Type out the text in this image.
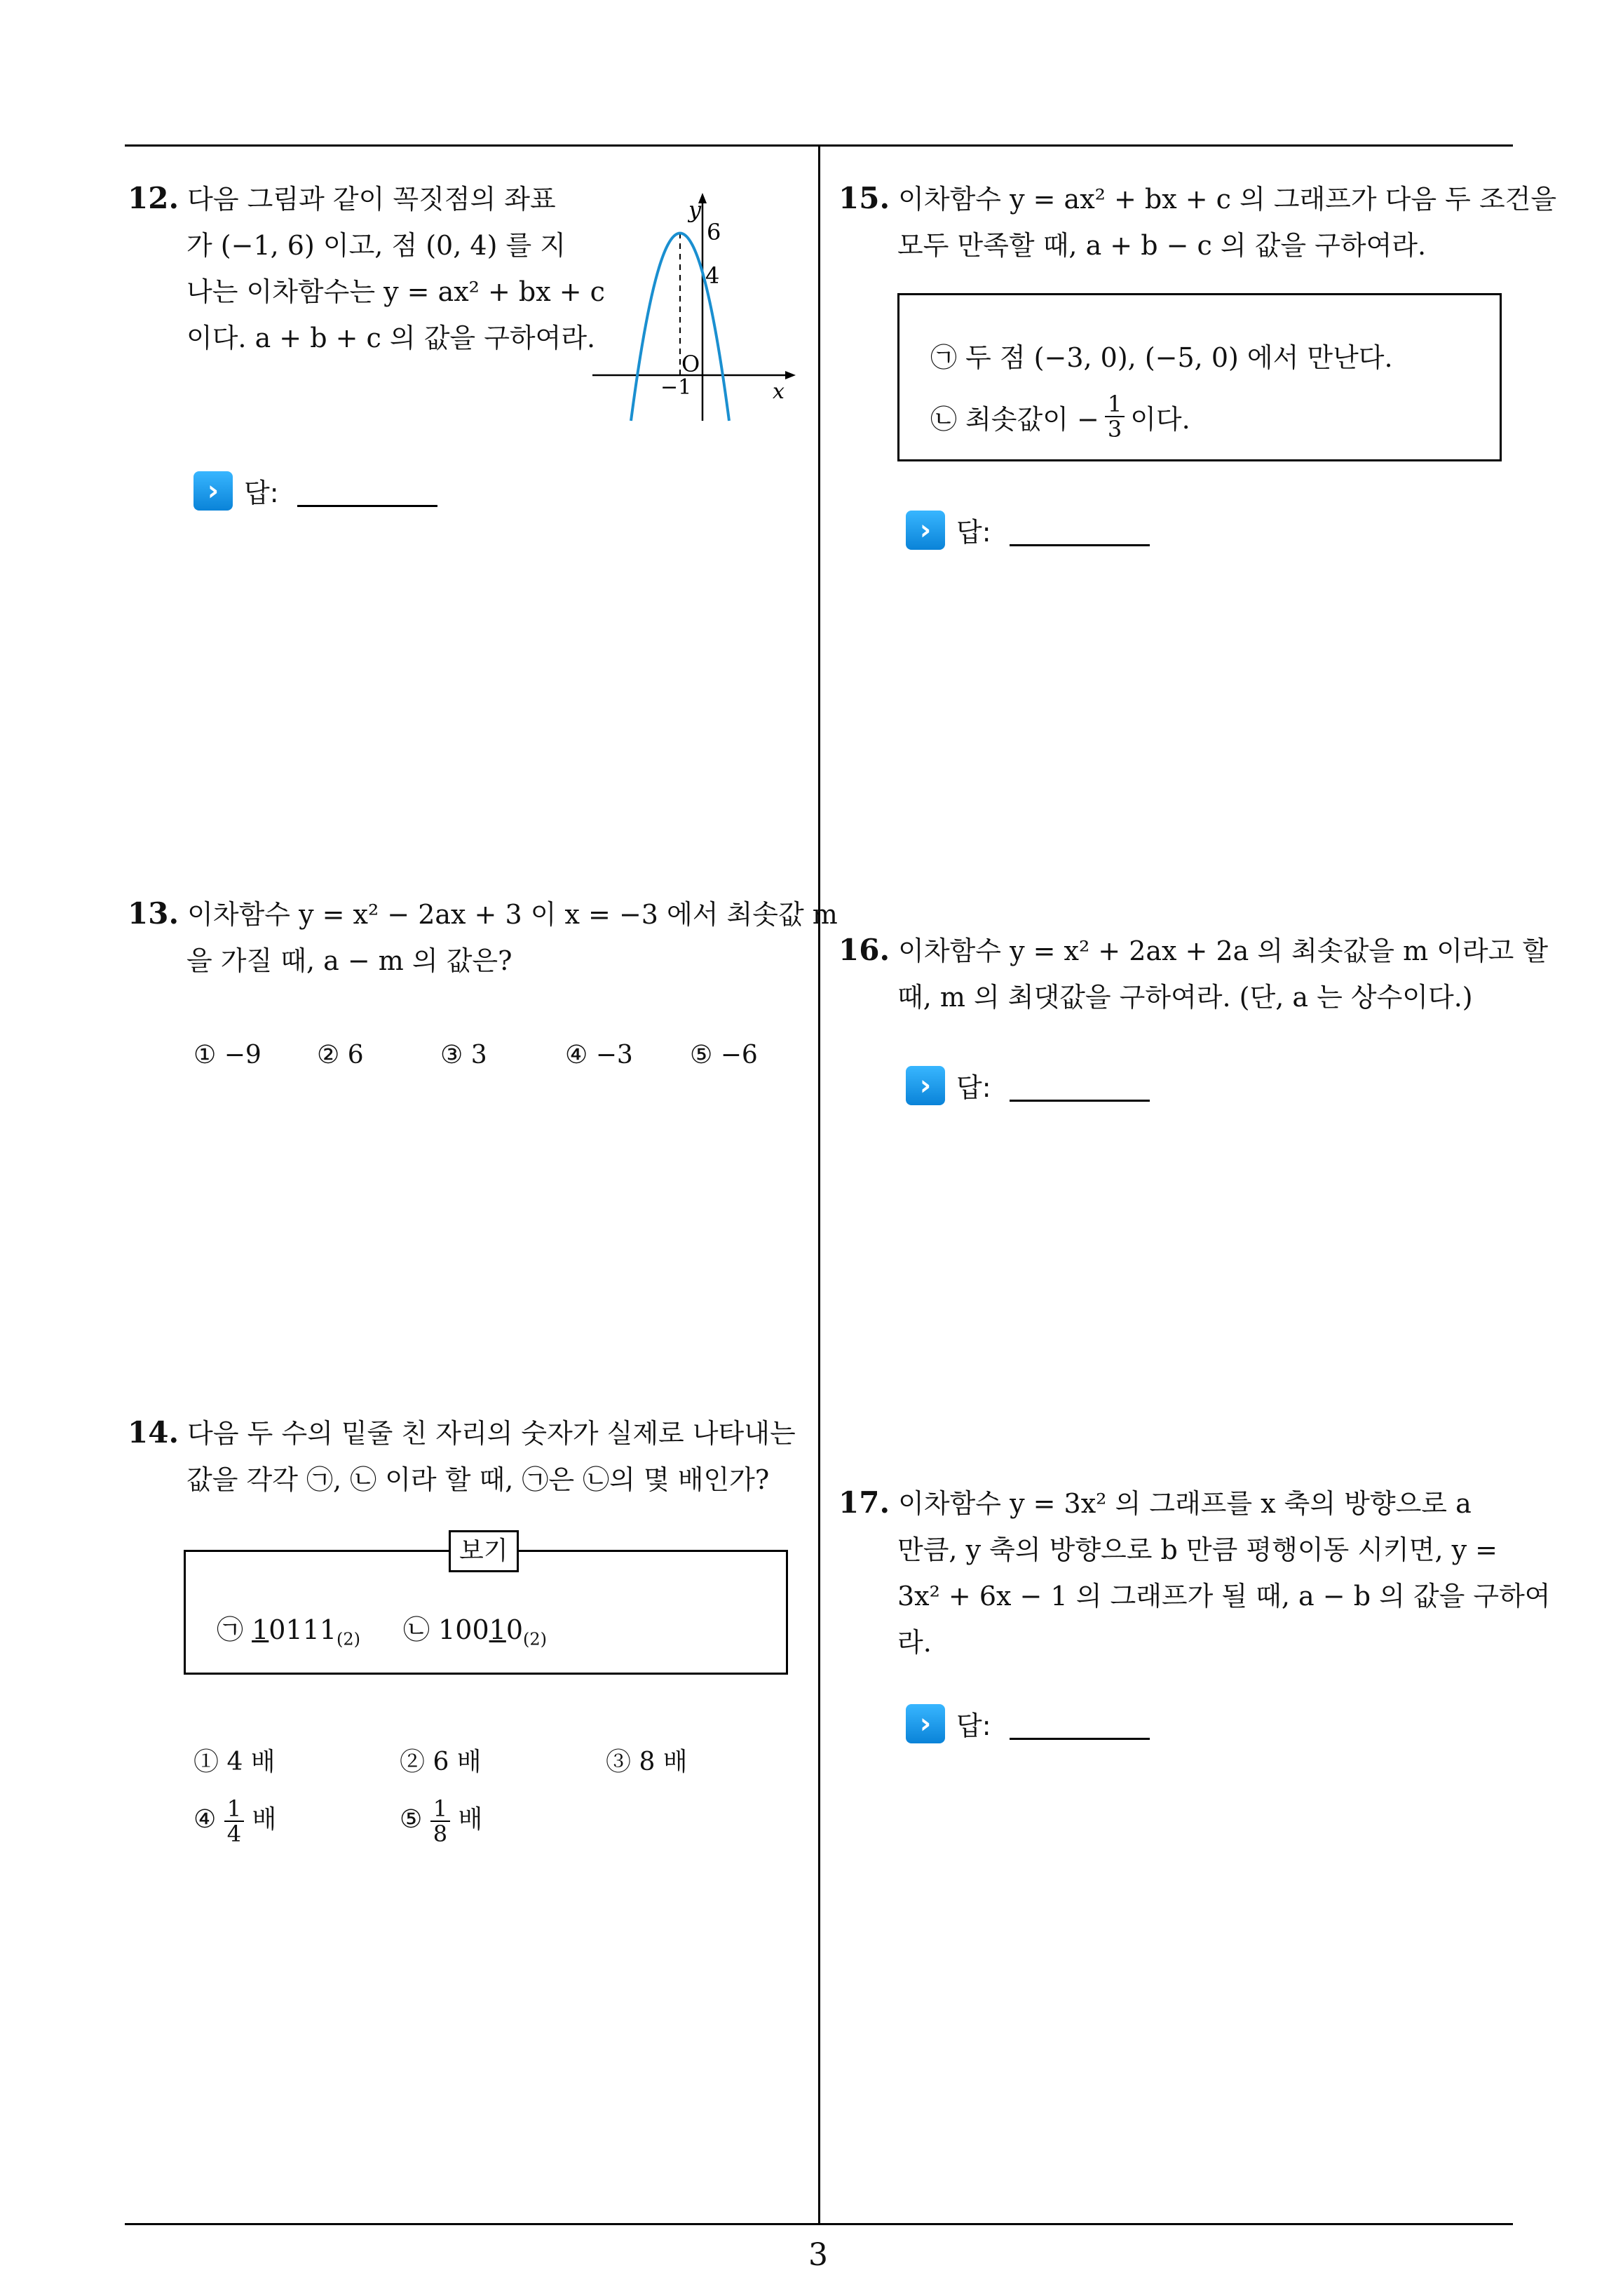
12. 다음 그림과 같이 꼭짓점의 좌표
가 (−1, 6) 이고, 점 (0, 4) 를 지
나는 이차함수는 y = ax² + bx + c
이다. a + b + c 의 값을 구하여라.
y
6
4
O
−1	x
› 답:
13. 이차함수 y = x² − 2ax + 3 이 x = −3 에서 최솟값 m
을 가질 때, a − m 의 값은?
① −9 ② 6	③ 3	④ −3 ⑤ −6
14. 다음 두 수의 밑줄 친 자리의 숫자가 실제로 나타내는
값을 각각 ㉠, ㉡ 이라 할 때, ㉠은 ㉡의 몇 배인가?
㉠ $10111_{(2)}$ ㉡ $10010_{(2)}$
보기
① 4 배	② 6 배	③ 8 배
④ $\frac{1}{4}$ 배	⑤ $\frac{1}{8}$ 배
15. 이차함수 y = ax² + bx + c 의 그래프가 다음 두 조건을
모두 만족할 때, a + b − c 의 값을 구하여라.
㉠ 두 점 (−3, 0), (−5, 0) 에서 만난다.
㉡ 최솟값이 − $\frac{1}{3}$ 이다.
› 답:
16. 이차함수 y = x² + 2ax + 2a 의 최솟값을 m 이라고 할
때, m 의 최댓값을 구하여라. (단, a 는 상수이다.)
› 답:
17. 이차함수 y = 3x² 의 그래프를 x 축의 방향으로 a
만큼, y 축의 방향으로 b 만큼 평행이동 시키면, y =
3x² + 6x − 1 의 그래프가 될 때, a − b 의 값을 구하여
라.
› 답:
3
